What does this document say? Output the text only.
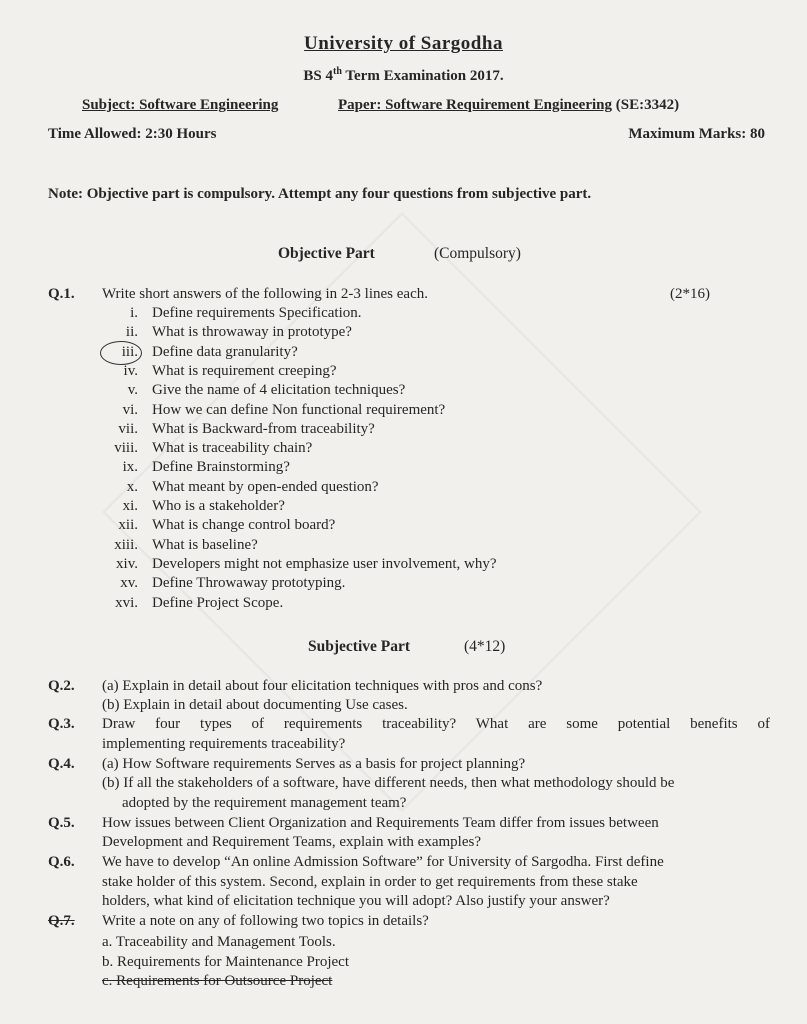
University of Sargodha
BS 4th Term Examination 2017.
Subject: Software Engineering	Paper: Software Requirement Engineering (SE:3342)
Time Allowed: 2:30 Hours	Maximum Marks: 80
Note: Objective part is compulsory. Attempt any four questions from subjective part.
Objective Part	(Compulsory)
Q.1. Write short answers of the following in 2-3 lines each.	(2*16)
i. Define requirements Specification.
ii. What is throwaway in prototype?
iii. Define data granularity?
iv. What is requirement creeping?
v. Give the name of 4 elicitation techniques?
vi. How we can define Non functional requirement?
vii. What is Backward-from traceability?
viii. What is traceability chain?
ix. Define Brainstorming?
x. What meant by open-ended question?
xi. Who is a stakeholder?
xii. What is change control board?
xiii. What is baseline?
xiv. Developers might not emphasize user involvement, why?
xv. Define Throwaway prototyping.
xvi. Define Project Scope.
Subjective Part	(4*12)
Q.2. (a) Explain in detail about four elicitation techniques with pros and cons?
(b) Explain in detail about documenting Use cases.
Q.3. Draw four types of requirements traceability? What are some potential benefits of
implementing requirements traceability?
Q.4. (a) How Software requirements Serves as a basis for project planning?
(b) If all the stakeholders of a software, have different needs, then what methodology should be
adopted by the requirement management team?
Q.5. How issues between Client Organization and Requirements Team differ from issues between
Development and Requirement Teams, explain with examples?
Q.6. We have to develop “An online Admission Software” for University of Sargodha. First define
stake holder of this system. Second, explain in order to get requirements from these stake
holders, what kind of elicitation technique you will adopt? Also justify your answer?
Q.7. Write a note on any of following two topics in details?
a. Traceability and Management Tools.
b. Requirements for Maintenance Project
c. Requirements for Outsource Project
